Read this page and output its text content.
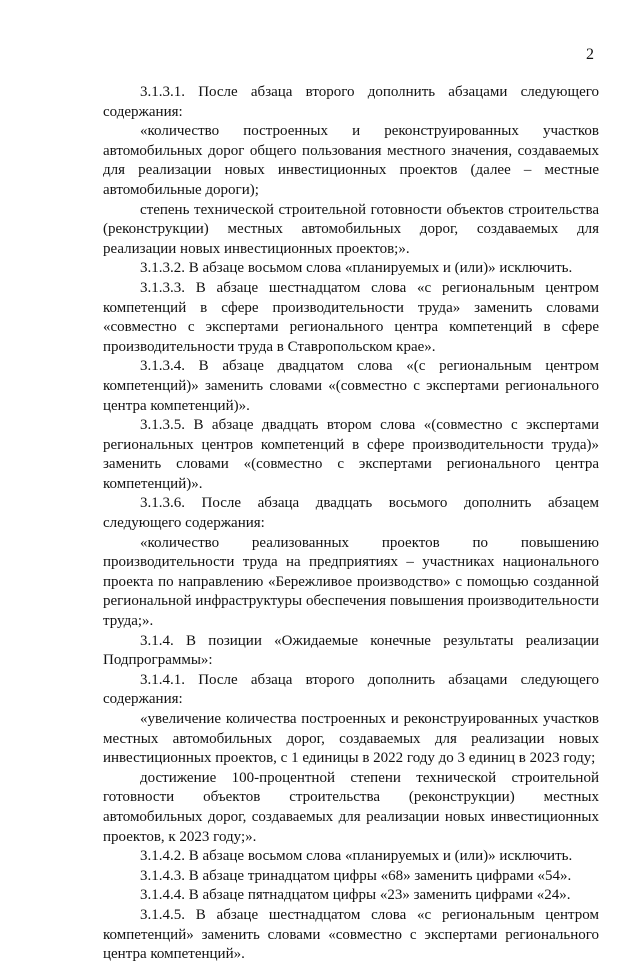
2

3.1.3.1. После абзаца второго дополнить абзацами следующего содержания:

«количество построенных и реконструированных участков автомобильных дорог общего пользования местного значения, создаваемых для реализации новых инвестиционных проектов (далее – местные автомобильные дороги);

степень технической строительной готовности объектов строительства (реконструкции) местных автомобильных дорог, создаваемых для реализации новых инвестиционных проектов;».

3.1.3.2. В абзаце восьмом слова «планируемых и (или)» исключить.

3.1.3.3. В абзаце шестнадцатом слова «с региональным центром компетенций в сфере производительности труда» заменить словами «совместно с экспертами регионального центра компетенций в сфере производительности труда в Ставропольском крае».

3.1.3.4. В абзаце двадцатом слова «(с региональным центром компетенций)» заменить словами «(совместно с экспертами регионального центра компетенций)».

3.1.3.5. В абзаце двадцать втором слова «(совместно с экспертами региональных центров компетенций в сфере производительности труда)» заменить словами «(совместно с экспертами регионального центра компетенций)».

3.1.3.6. После абзаца двадцать восьмого дополнить абзацем следующего содержания:

«количество реализованных проектов по повышению производительности труда на предприятиях – участниках национального проекта по направлению «Бережливое производство» с помощью созданной региональной инфраструктуры обеспечения повышения производительности труда;».

3.1.4. В позиции «Ожидаемые конечные результаты реализации Подпрограммы»:

3.1.4.1. После абзаца второго дополнить абзацами следующего содержания:

«увеличение количества построенных и реконструированных участков местных автомобильных дорог, создаваемых для реализации новых инвестиционных проектов, с 1 единицы в 2022 году до 3 единиц в 2023 году;

достижение 100-процентной степени технической строительной готовности объектов строительства (реконструкции) местных автомобильных дорог, создаваемых для реализации новых инвестиционных проектов, к 2023 году;».

3.1.4.2. В абзаце восьмом слова «планируемых и (или)» исключить.

3.1.4.3. В абзаце тринадцатом цифры «68» заменить цифрами «54».

3.1.4.4. В абзаце пятнадцатом цифры «23» заменить цифрами «24».

3.1.4.5. В абзаце шестнадцатом слова «с региональным центром компетенций» заменить словами «совместно с экспертами регионального центра компетенций».
